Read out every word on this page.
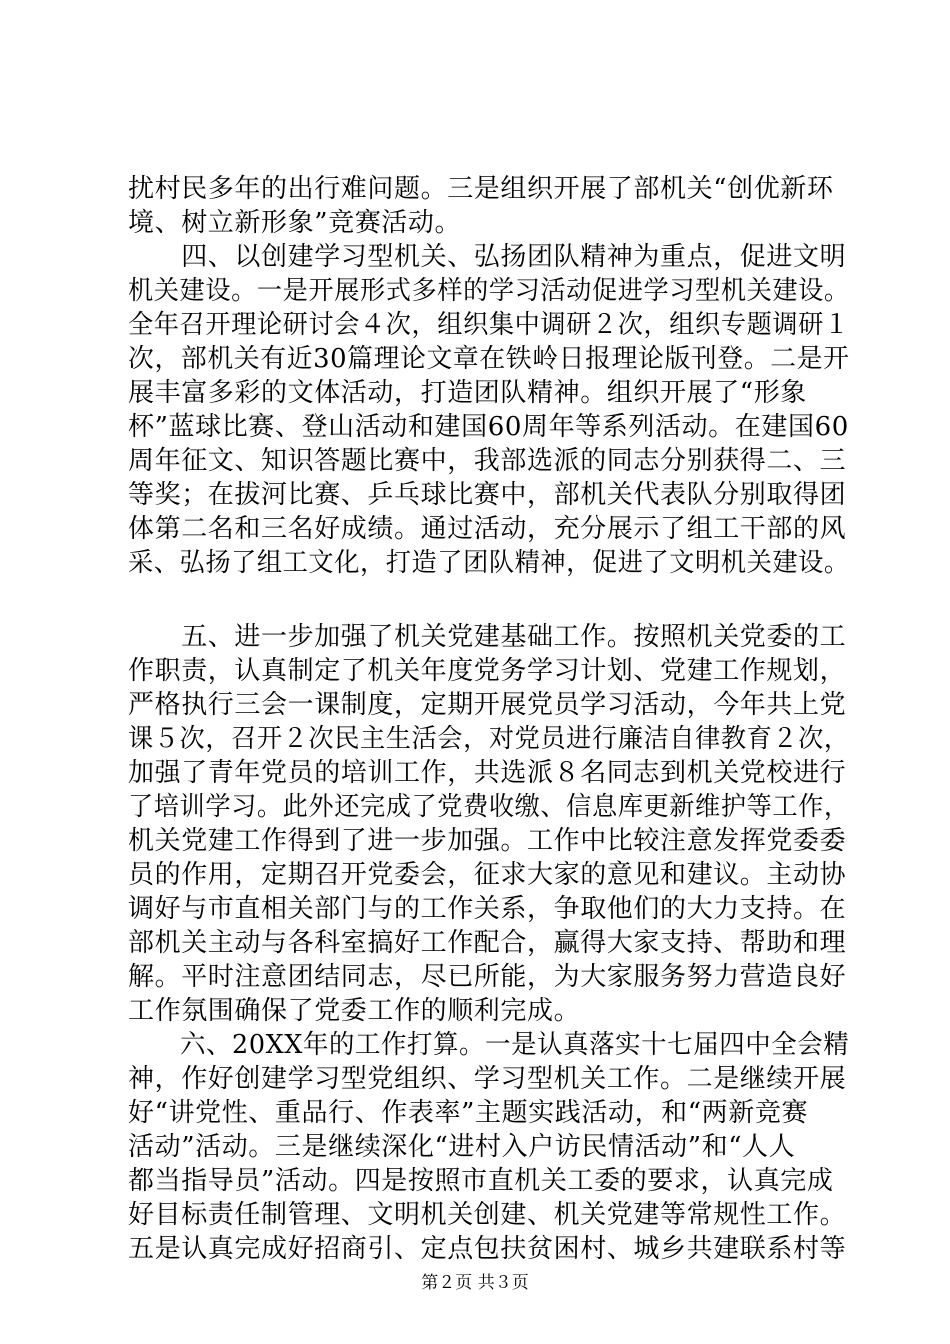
扰村民多年的出行难问题。三是组织开展了部机关“创优新环
境、树立新形象”竞赛活动。
　　四、以创建学习型机关、弘扬团队精神为重点，促进文明
机关建设。一是开展形式多样的学习活动促进学习型机关建设。
全年召开理论研讨会４次，组织集中调研２次，组织专题调研１
次，部机关有近30篇理论文章在铁岭日报理论版刊登。二是开
展丰富多彩的文体活动，打造团队精神。组织开展了“形象
杯”蓝球比赛、登山活动和建国60周年等系列活动。在建国60
周年征文、知识答题比赛中，我部选派的同志分别获得二、三
等奖；在拔河比赛、乒乓球比赛中，部机关代表队分别取得团
体第二名和三名好成绩。通过活动，充分展示了组工干部的风
采、弘扬了组工文化，打造了团队精神，促进了文明机关建设。
　　五、进一步加强了机关党建基础工作。按照机关党委的工
作职责，认真制定了机关年度党务学习计划、党建工作规划，
严格执行三会一课制度，定期开展党员学习活动，今年共上党
课５次，召开２次民主生活会，对党员进行廉洁自律教育２次，
加强了青年党员的培训工作，共选派８名同志到机关党校进行
了培训学习。此外还完成了党费收缴、信息库更新维护等工作，
机关党建工作得到了进一步加强。工作中比较注意发挥党委委
员的作用，定期召开党委会，征求大家的意见和建议。主动协
调好与市直相关部门与的工作关系，争取他们的大力支持。在
部机关主动与各科室搞好工作配合，赢得大家支持、帮助和理
解。平时注意团结同志，尽已所能，为大家服务努力营造良好
工作氛围确保了党委工作的顺利完成。
　　六、20XX年的工作打算。一是认真落实十七届四中全会精
神，作好创建学习型党组织、学习型机关工作。二是继续开展
好“讲党性、重品行、作表率”主题实践活动，和“两新竞赛
活动”活动。三是继续深化“进村入户访民情活动”和“人人
都当指导员”活动。四是按照市直机关工委的要求，认真完成
好目标责任制管理、文明机关创建、机关党建等常规性工作。
五是认真完成好招商引、定点包扶贫困村、城乡共建联系村等
第２页 共３页
